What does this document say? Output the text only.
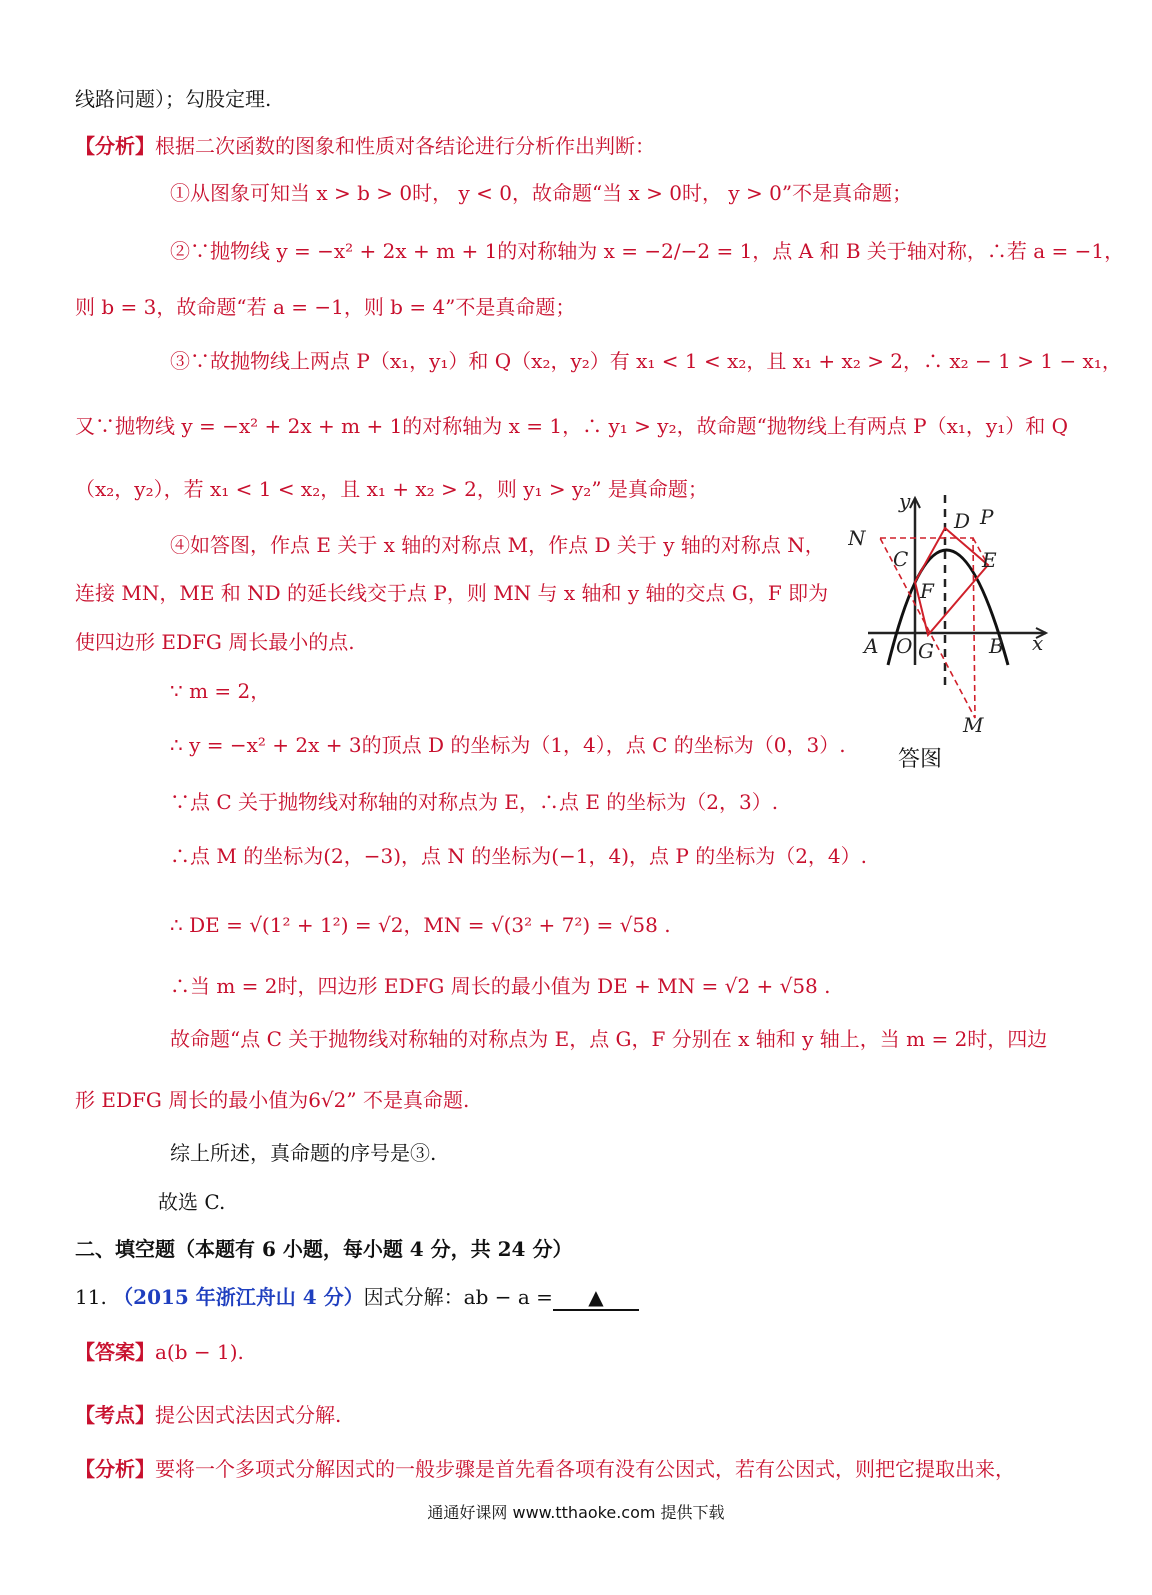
线路问题）；勾股定理.
【分析】根据二次函数的图象和性质对各结论进行分析作出判断：
①从图象可知当 x > b > 0时， y < 0，故命题“当 x > 0时， y > 0”不是真命题；
②∵抛物线 y = −x² + 2x + m + 1的对称轴为 x = −2/−2 = 1，点 A 和 B 关于轴对称，∴若 a = −1，
则 b = 3，故命题“若 a = −1，则 b = 4”不是真命题；
③∵故抛物线上两点 P（x₁，y₁）和 Q（x₂，y₂）有 x₁ < 1 < x₂，且 x₁ + x₂ > 2，∴ x₂ − 1 > 1 − x₁，
又∵抛物线 y = −x² + 2x + m + 1的对称轴为 x = 1，∴ y₁ > y₂，故命题“抛物线上有两点 P（x₁，y₁）和 Q
（x₂，y₂），若 x₁ < 1 < x₂，且 x₁ + x₂ > 2，则 y₁ > y₂” 是真命题；
④如答图，作点 E 关于 x 轴的对称点 M，作点 D 关于 y 轴的对称点 N，
连接 MN，ME 和 ND 的延长线交于点 P，则 MN 与 x 轴和 y 轴的交点 G，F 即为
使四边形 EDFG 周长最小的点.
∵ m = 2，
∴ y = −x² + 2x + 3的顶点 D 的坐标为（1，4），点 C 的坐标为（0，3）.
∵点 C 关于抛物线对称轴的对称点为 E，∴点 E 的坐标为（2，3）.
∴点 M 的坐标为(2，−3)，点 N 的坐标为(−1，4)，点 P 的坐标为（2，4）.
∴ DE = √(1² + 1²) = √2，MN = √(3² + 7²) = √58 .
∴当 m = 2时，四边形 EDFG 周长的最小值为 DE + MN = √2 + √58 .
故命题“点 C 关于抛物线对称轴的对称点为 E，点 G，F 分别在 x 轴和 y 轴上，当 m = 2时，四边
形 EDFG 周长的最小值为6√2” 不是真命题.
综上所述，真命题的序号是③.
故选 C.
二、填空题（本题有 6 小题，每小题 4 分，共 24 分）
11. （2015 年浙江舟山 4 分）因式分解：ab − a = ▲
【答案】a(b − 1).
【考点】提公因式法因式分解.
【分析】要将一个多项式分解因式的一般步骤是首先看各项有没有公因式，若有公因式，则把它提取出来，
y
x
D P
N
C	E
F
A O G	B
M
答图
通通好课网 www.tthaoke.com 提供下载
